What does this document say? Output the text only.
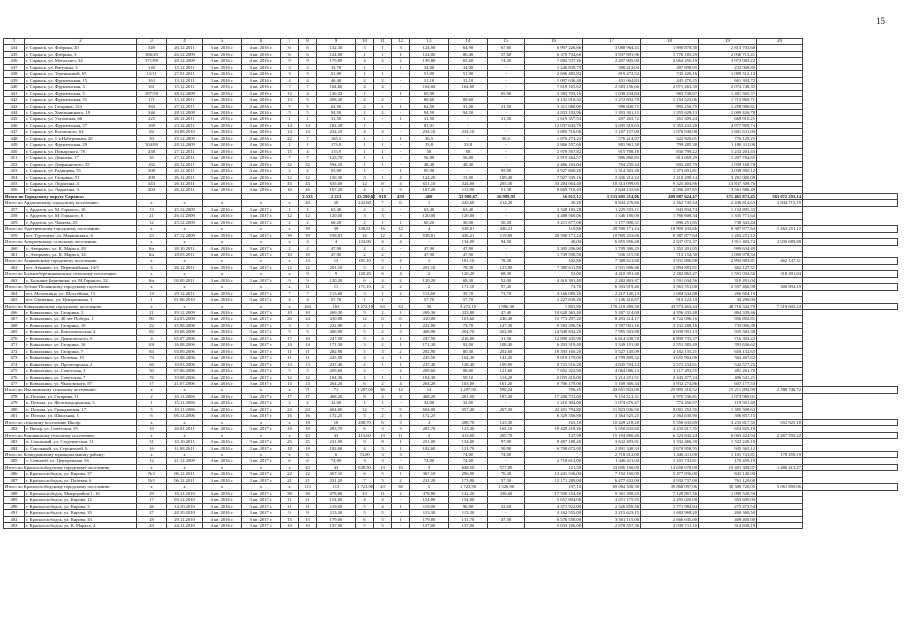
15
1	2	3	4	5	6	7	8	9	10	11	12	13	14	15	16	17	18	19	20	
434	г. Саранск, ул. Фабрика, 20	349	26.12.2011	3 кв. 2016 г.	4 кв. 2016 г.	6	6	132,30	3	1	3	124,00	64,90	67,60	6 997 226,86	3 088 964,41	1 890 878,38	2 813 703,68		
435	г. Саранск, ул. Фабрика, 3	386/49	26.12.2009	3 кв. 2016 г.	4 кв. 2016 г.	6	6	124,00	1	1	1	124,00	86,40	37,60	6 370 734,66	3 937 891,96	1 776 183,29	2 036 713,41		
436	г. Саранск, ул. Металлист, 34	371/89	28.12.2009	3 кв. 2016 г.	4 кв. 2016 г.	9	9	179,80	4	2	2	139,80	65,60	74,20	7 882 537,20	2 207 905,00	2 064 250,19	3 972 083,22		
437	г. Саранск, ул. Ватутина, 3	140	15.12.2011	3 кв. 2016 г.	4 кв. 2016 г.	3	3	32,70	1	-	1	34,00	34,00	-	1 246 830,79	388 413,04	487 698,65	232 069,80		
438	г. Саранск, ул. Тереньковой, 65	13/11	27.01.2011	3 кв. 2016 г.	4 кв. 2016 г.	3	3	51,00	1	1	-	51,90	51,90	-	2 696 483,83	819 472,52	743 426,16	1 089 512,13		
439	г. Саранск, ул. Фрунзенская, 15	163	13.12.2011	3 кв. 2016 г.	4 кв. 2016 г.	4	4	46,40	2	2	-	31,10	31,10	-	1 097 636,40	431 064,84	445 470,25	661 304,72		
440	г. Саранск, ул. Фрунзенская, 3	161	15.12.2011	3 кв. 2016 г.	4 кв. 2016 г.	7	7	164,60	4	4	-	164,60	164,60	-	7 618 165,62	2 583 156,66	2 071 263,50	2 074 748,35		
441	г. Саранск, ул. Фрунзенская, 5	307/59	28.12.2009	3 кв. 2016 г.	4 кв. 2016 г.	12	4	126,32	1	-	1	65,90	-	65,90	3 383 703,16	1 049 234,84	963 538,67	1 481 565,37		
442	г. Саранск, ул. Фрунзенская, 31	171	15.12.2011	3 кв. 2016 г.	4 кв. 2016 г.	13	5	208,30	2	2	-	80,60	80,60	-	4 141 016,32	1 272 602,70	1 154 523,06	1 713 860,71		
443	г. Саранск, ул. Гагарина, 154	384	27.12.2011	3 кв. 2016 г.	4 кв. 2016 г.	5	5	62,50	2	1	1	62,50	31,00	31,50	3 311 080,00	986 840,71	893 256,70	1 258 980,61		
444	г. Саранск, ул. Хмельницкого, 19	346	28.12.2009	3 кв. 2016 г.	4 кв. 2016 г.	5	5	94,50	2	2	-	94,50	94,50	-	4 833 102,96	1 493 301,15	1 355 628,13	2 009 426,78		
445	г. Саранск, ул. Ухтомская, 66	225	26.12.2011	3 кв. 2016 г.	4 кв. 2016 г.	1	1	31,50	1	-	1	31,50	-	31,50	1 619 357,53	497 263,72	451 309,24	669 910,25		
446	г. Саранск, ул. Фрунзенская, 37	169	23.12.2011	3 кв. 2016 г.	4 кв. 2016 г.	14	14	182,28	1	-	-	81,91	-	-	12 037 643,79	3 695 319,63	3 353 233,20	4 977 809,74		
447	г. Саранск, ул. Котовского, 64	84	20.08.2010	3 кв. 2016 г.	4 кв. 2016 г.	14	14	234,10	4	4	-	234,10	234,10	-	3 865 716,00	1 187 137,00	1 076 948,00	1 601 631,00		
448	г. Саранск, ул. 1-я Набережная, 20	50	25.12.2009	3 кв. 2016 г.	4 кв. 2016 г.	22	7	165,3	1	-	1	36,5	-	36,5	1 876 274,23	576 214,97	522 820,01	776 129,25		
449	г. Саранск, ул. Фрунзенская, 29	304/89	28.12.2009	3 кв. 2016 г.	4 кв. 2016 г.	1	1	173,9	1	1	-	33,8	33,8	-	2 866 557,60	881 961,38	799 285,38	1 186 311,06		
450	г. Саранск, ул. Пожарского, 70	438	27.12.2011	3 кв. 2016 г.	4 кв. 2016 г.	15	4	115,9	1	1	-	58	58	-	2 979 567,82	915 788,18	830 799,22	1 233 201,43		
451	г. Саранск, ул. Дежнева, 17	35	27.12.2011	3 кв. 2016 г.	4 кв. 2016 г.	7	7	123,70	1	1	-	56,80	56,80	-	2 919 264,57	896 860,83	813 669,29	1 207 784,65		
452	г. Саранск, ул. Дзержинского, 55	182	26.12.2011	3 кв. 2016 г.	4 кв. 2016 г.	32	32	594,10	1	1	-	48,40	48,40	-	2 466 163,04	764 259,44	693 285,79	1 039 168,78		
453	г. Саранск, ул. Радищева, 55	308	26.12.2011	3 кв. 2016 г.	4 кв. 2016 г.	2	2	95,90	1	-	1	95,90	-	95,90	4 927 600,20	1 514 303,38	1 373 691,81	2 039 595,12		
454	г. Саранск, ул. Гагарина, 51	309	26.12.2011	3 кв. 2016 г.	4 кв. 2016 г.	12	12	156,30	3	1	4	124,20	15,00	109,40	7 927 339,16	2 436 212,24	2 210 209,14	3 281 000,08		
455	г. Саранск, ул. Лодыгина, 4	343	26.12.2011	3 кв. 2016 г.	4 кв. 2016 г.	43	43	635,00	12	8	4	631,10	324,00	205,30	33 284 064,40	10 313 099,05	9 323 404,86	13 837 309,76		
456	г. Саранск, ул. Лодыгина, 3	204	26.12.2011	3 кв. 2016 г.	4 кв. 2016 г.	16	16	167,20	4	1	3	167,20	115,90	51,30	8 665 716,43	2 644 132,66	2 396 207,65	3 561 686,49		
Итого по Городскому округу Саранск:							2 523	2 213	53 290,67	918	459	469	33 990,67	16 989,95	16 912,12	1 333 605 214,06	409 087 624,47	371 461 873,45	563 072 293,14	
Итого по Ардатовскому городскому поселению:		x	x	x	x	x	20	20	243,60	7	6	1	243,60	214,20	30,20	8 844 276,86	2 562 745,44	2 436 814,63	3 844 715,19	
457	г. Ардатов, ул. М. Горького, 10	13	25.12.2009	4 кв. 2016 г.	3 кв. 2017 г.	1	1	63,40	2	2	-	63,40	63,40	-	3 328 183,28	1 229 553,11	943 834,74	1 154 895,33		
458	г. Ардатов, ул. М. Горького, 6	21	26.12.2009	4 кв. 2016 г.	3 кв. 2017 г.	12	12	120,00	3	3	-	120,00	120,00	-	4 488 560,06	1 346 180,00	1 766 608,34	1 335 771,64		
459	г. Ардатов, ул. Чапаева, 25	12	25.12.2009	4 кв. 2016 г.	3 кв. 2017 г.	2	2	60,20	2	1	1	60,20	30,00	30,20	3 211 677,08	1 177 000,31	896 251,85	738 343,44		
Итого по Тургеневскому городскому поселению:		x	x	x	x	x	39	39	538,81	16	12	4	538,81	436,21	119,80	28 590 171,24	10 909 433,66	8 387 877,64	1 263 251,12	
459	пгт. Тургенево, ул. Маяковского, 6	23	27.12.2009	4 кв. 2016 г.	3 кв. 2017 г.	39	39	538,81	16	12	4	538,81	436,21	119,80	28 590 171,24	10 909 433,66	8 387 877,64	1 263 251,12		
Итого по Атюрьевскому сельскому поселению:		x	x	x	x	x	4	4	134,00	4	4	-	134,00	94,50	40,00	6 855 956,28	2 637 072,37	1 911 403,74	2 035 689,88	
460	с. Атюрьево, ул. К. Маркса, 28	6/a	28.10.2011	4 кв. 2016 г.	3 кв. 2017 г.	2	2	47,90	2	2	-	47,90	47,90	-	2 395 206,00	1 709 390,25	1 352 201,05	999 634,49		
461	с. Атюрьево, ул. К. Маркса, 34	6/a	18.03.2011	4 кв. 2016 г.	3 кв. 2017 г.	10	10	47,90	2	2	-	47,90	47,90	-	1 739 590,50	936 515,56	713 154,50	1 000 978,34		
Итого по Атяшевскому городскому поселению:		x	x	x	x	x	13	13	181,10	5	4	1	181,10	78,30	102,80	7 388 611,80	3 931 806,88	2 894 883,81	462 147,31	
462	пгт. Атяшево, ул. Первомайская, 14/5	4	26.12.2011	4 кв. 2016 г.	3 кв. 2017 г.	12	12	201,10	5	4	1	201,10	78,30	123,80	7 388 611,80	3 931 806,88	2 894 883,81	462 147,31		
Итого по Большеберезниковскому сельскому поселению:		x	x	x	x	x	9	9	120,20	6	4	2	120,20	68,30	52,00	4 410 391,40	2 282 863,47	1 591 034,56	318 491,04	
463	с. Большие Березники, ул. М.Горького, 52	6/a	03.09.2011	4 кв. 2016 г.	3 кв. 2017 г.	9	9	120,20	6	4	2	120,20	68,30	52,00	4 410 391,40	2 282 863,47	1 591 034,56	318 491,04		
Итого по Зубово-Полянскому городскому поселению:		x	x	x	x	x	11	11	171,10	4	2	2	171,10	97,40	73,70	6 393 919,40	3 363 551,00	2 597 466,98	300 894,19	
464	пгт. Молочница, ул. Шоссейная, 13	14	29.12.2011	4 кв. 2016 г.	3 кв. 2017 г.	7	7	113,60	3	1	2	113,60	39,70	73,70	4 166 089,20	2 217 140,13	1 684 344,88	266 604,19		
465	пгт. Свеженьк, ул. Центральная, 3	1	01.06.2010	4 кв. 2016 г.	3 кв. 2017 г.	4	4	57,70	1	1	-	57,70	57,70	-	2 227 830,20	1 146 410,87	913 122,10	34 290,00		
Итого по Ковылкинскому городскому поселению:		x	x	x	x	x	163	163	3 272,19	63	33	30	3 272,10	1 986,30	1 805,80	170 210 489,50	43 574 463,44	48 716 342,70	7 519 603,24	
466	г. Ковылкино, ул. Гагарина, 2	21	29.12.2009	4 кв. 2016 г.	3 кв. 2017 г.	10	10	269,30	3	2	1	269,30	223,90	47,40	10 628 363,40	5 207 314,00	4 556 435,48	864 339,46		
467	г. Ковылкино, ул. 40 лет Победы, 1	80	24.05.2008	4 кв. 2016 г.	3 кв. 2017 г.	26	24	410,00	12	6	6	410,00	163,60	246,40	15 773 297,20	8 293 414,17	6 722 096,16	956 892,81		
468	г. Ковылкино, ул. Гагарина, 10	22	25.08.2006	4 кв. 2016 г.	3 кв. 2017 г.	3	3	222,00	2	1	1	222,00	74,70	147,30	9 583 296,56	3 597 001,16	3 232 288,16	735 006,38		
469	г. Ковылкино, ул. Комсомольская, 4	82	29.08.2008	4 кв. 2016 г.	3 кв. 2017 г.	5	5	406,90	5	2	3	406,90	204,70	202,00	14 948 832,28	7 985 503,88	6 039 991,13	935 383,38		
470	г. Ковылкино, ул. Денисовского, 6	4	05.07.2006	4 кв. 2016 г.	3 кв. 2017 г.	17	10	247,50	5	4	1	247,50	216,00	31,50	12 890 435,90	6 614 338,70	6 899 733,37	716 303,23		
471	г. Ковылкино, ул. Гагарина, 16	101	16.08.2006	4 кв. 2016 г.	3 кв. 2017 г.	14	14	171,30	3	2	1	171,30	92,00	108,40	6 293 319,40	3 349 191,90	2 551 383,49	393 636,62		
472	г. Ковылкино, ул. Гагарина, 7	84	03.09.2006	4 кв. 2016 г.	3 кв. 2017 г.	11	11	282,90	5	3	2	282,90	80,30	202,60	10 393 160,20	5 527 145,09	4 182 135,21	650 132,63		
473	г. Ковылкино, ул. Полевая, 10	73	15.08.2006	4 кв. 2016 г.	3 кв. 2017 г.	11	11	245,50	4	3	1	245,50	104,30	141,20	9 019 179,00	4 799 809,32	3 655 902,06	563 467,62		
474	г. Ковылкино, ул. Пролетарская, 2	66	10.03.2006	4 кв. 2016 г.	3 кв. 2017 г.	13	13	237,40	2	1	1	237,40	128,40	109,00	8 721 516,20	4 635 704,14	3 573 234,81	542 577,25		
475	г. Ковылкино, ул. Советская, 3	50	07.06.2006	4 кв. 2016 г.	3 кв. 2017 г.	5	5	209,60	2	-	2	209,60	88,00	121,60	7 692 322,90	4 064 086,13	3 117 493,55	481 261,70		
476	г. Ковылкино, ул. Советская, 7	76	10.08.2006	4 кв. 2016 г.	3 кв. 2017 г.	12	12	164,30	2	1	1	164,30	50,10	114,20	6 035 410,00	3 214 251,51	2 443 477,24	406 541,21		
477	г. Ковылкино, ул. Чкаловского, 87	17	21.07.2006	4 кв. 2016 г.	3 кв. 2017 г.	14	14	264,20	6	2	4	264,20	103,00	161,20	9 706 179,00	5 169 306,34	3 932 274,86	607 177,53		
Итого по Ичалковскому сельскому поселению:		x	x	x	x	x	71	71	1 297,05	36	12	14	1 297,05	590,24	706,45	43 651 823,00	25 895 310,52	15 211 892,99	2 588 746,72	
478	п. Потьма, ул. Гагарина, 11	2	10.11.2006	4 кв. 2016 г.	3 кв. 2017 г.	17	17	468,20	8	4	4	468,20	281,00	187,20	17 200 731,60	9 154 512,31	6 970 536,81	1 073 969,01		
479	п. Потьма, ул. Железнодорожная, 5	1	15.11.2006	4 кв. 2016 г.	3 кв. 2017 г.	2	2	32,00	1	1	-	32,00	32,00	-	1 210 304,00	1 074 676,47	774 456,97	119 501,40		
480	п. Потьма, ул. Гражданская, 17	5	10.11.2006	4 кв. 2016 г.	3 кв. 2017 г.	24	24	604,00	12	7	5	604,00	357,40	267,30	22 201 794,80	11 823 036,50	9 001 252,35	1 385 508,63		
481	п. Потьма, ул. Школьная, 1	6	06.12.2006	4 кв. 2016 г.	3 кв. 2017 г.	16	16	172,25	5	2	3	172,25			6 329 356,80	3 364 525,25	2 564 630,90	396 857,15		
Итого по сельскому поселению Инсар:		x	x	x	x	x	18	18	288,70	6	3	3	288,70	123,30	165,10	10 429 218,20	5 550 635,69	4 235 817,35	652 825,18	
482	г. Инсар, ул. Советская, 59	10	26.01.2011	4 кв. 2016 г.	3 кв. 2017 г.	18	18	283,70	6	3	3	283,70	123,30	165,10	10 429 218,20	5 550 635,69	4 235 817,35	652 825,18		
Итого по Кемлянскому сельскому поселению:		x	x	x	x	x	43	43	413,60	13	11	2	413,60	265,70	147,90	15 194 860,40	6 523 842,24	6 003 424,94	2 467 593,22	
483	п. Смольный, ул. Студенческая, 11	31	10.10.2011	4 кв. 2016 г.	3 кв. 2017 г.	25	25	231,00	9	8	1	231,00	134,00	97,00	8 487 188,40	3 632 493,91	3 332 466,39	1 522 228,10		
484	с. Смольный, ул. Строителей, 6	16	11.08.2011	4 кв. 2016 г.	3 кв. 2017 г.	18	18	182,60	4	3	1	182,60	131,70	50,90	6 708 672,00	2 891 348,33	2 670 958,55	945 365,12		
Итого по Кочкуровскому муниципальному району:		x	x	x	x	x	6	6	74,00	3	3	-	74,00	74,00	-	2 718 612,00	1 446 411,00	1 101 741,81	170 459,19	
485	с. Семилей, ул. Центральная, 56	12	21.12.2009	4 кв. 2016 г.	3 кв. 2017 г.	6	6	74,00	3	3	-	74,00	74,00	-	2 718 612,00	1 446 411,00	1 101 741,81	170 459,19		
Итого по Краснослободскому городскому поселению:		x	x	x	x	x	43	43	648,50	13	10	3	648,50	577,80	121,50	23 606 160,00	13 658 678,00	10 401 308,07	1 486 413,47	
486	г. Краснослободск, ул. Кирова, 37	№3	06.12.2011	4 кв. 2016 г.	3 кв. 2017 г.	22	22	367,10	6	5	1	367,10	296,90	70,20	13 441 536,00	7 192 160,00	5 477 836,00	843 140,00		
487	г. Краснослободск, ул. Полевая, 6	№5	06.12.2011	4 кв. 2016 г.	3 кв. 2017 г.	21	21	231,20	7	5	2	231,20	173,90	57,30	12 171 289,00	6 477 432,00	4 932 737,00	761 120,00		
Итого по Краснослободскому городскому поселению:		x	x	x	x	x	113	113	1 723,90	43	38	5	1 723,90	1 526,90	197,10	69 084 338,30	39 868 097,06	30 388 720,05	5 061 899,06	
488	г. Краснослободск, Микрорайон-1, 16	29	16.11.2010	4 кв. 2016 г.	3 кв. 2017 г.	38	38	478,80	13	11	2	478,80	142,20	336,60	17 590 154,40	9 361 398,25	7 128 867,56	1 099 528,59		
489	г. Краснослободск, ул. Кирова, 12	17	03.12.2010	4 кв. 2016 г.	3 кв. 2017 г.	11	11	154,00	4	4	-	154,00	154,00	-	5 657 804,00	3 011 175,55	2 293 026,00	353 600,00		
490	г. Краснослободск, ул. Кирова, 3	26	14.10.2010	4 кв. 2016 г.	3 кв. 2017 г.	11	11	119,00	5	4	1	119,00	96,00	32,60	4 371 922,00	2 326 858,36	1 771 984,94	273 472,54		
491	г. Краснослободск, ул. Кирова, 35	27	28.10.2010	4 кв. 2016 г.	3 кв. 2017 г.	9	9	113,30	5	5	-	113,30	113,30	-	4 162 553,00	2 215 623,15	1 682 968,20	260 360,50		
492	г. Краснослободск, ул. Кирова, 33	28	29.11.2010	4 кв. 2016 г.	3 кв. 2017 г.	15	15	179,00	6	5	1	179,00	131,70	47,30	6 576 550,00	3 501 115,00	2 666 045,00	409 400,00		
493	г. Краснослободск, ул. К. Маркса, 4	43	24.11.2010	4 кв. 2016 г.	3 кв. 2017 г.	10	10	137,00	5	5	-	137,00	137,00	-	5 033 106,00	2 678 357,36	2 039 711,10	314 838,19		
